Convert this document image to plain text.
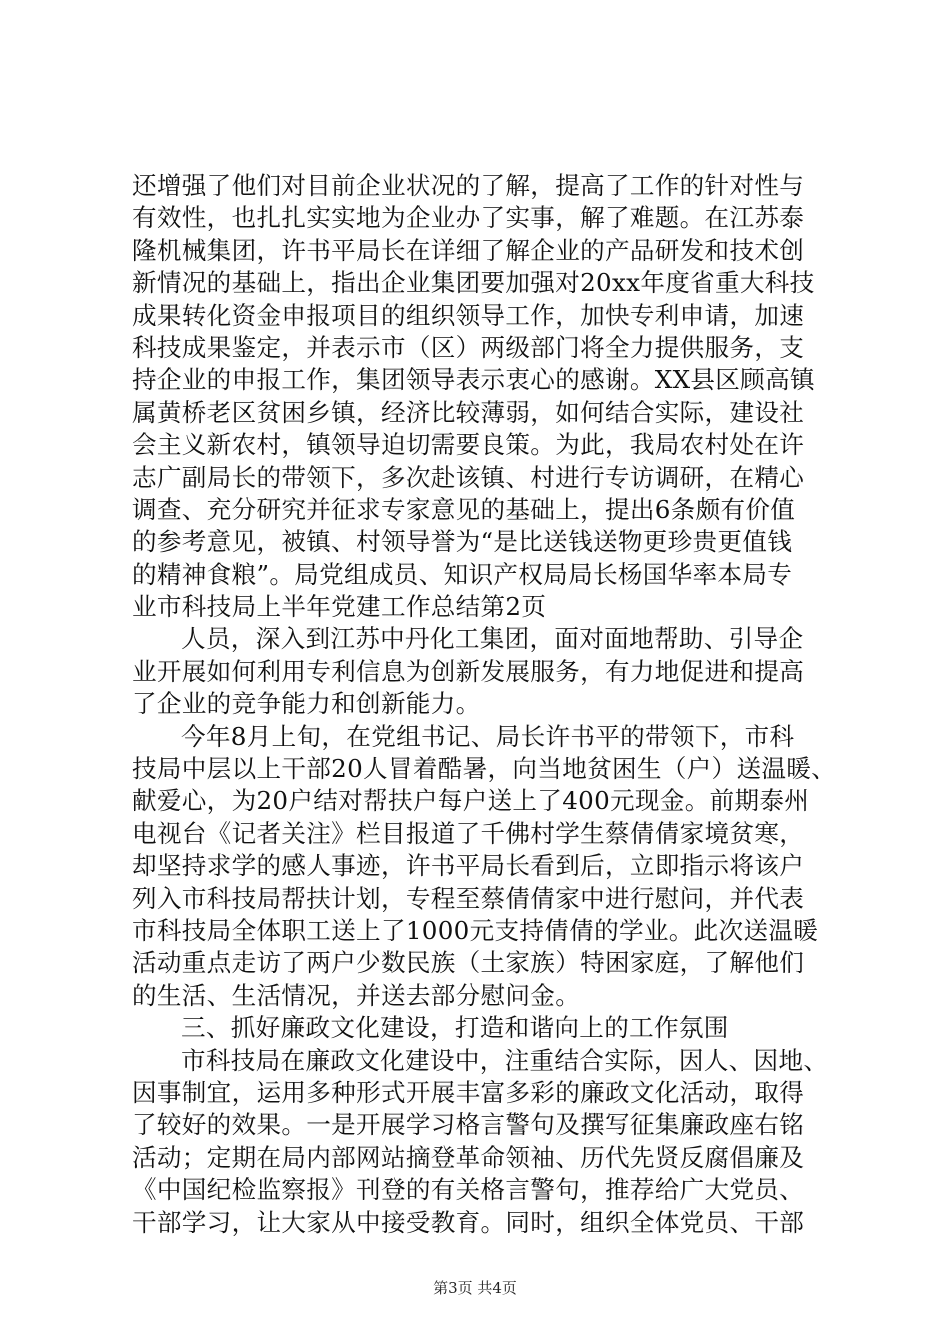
还增强了他们对目前企业状况的了解，提高了工作的针对性与
有效性，也扎扎实实地为企业办了实事，解了难题。在江苏泰
隆机械集团，许书平局长在详细了解企业的产品研发和技术创
新情况的基础上，指出企业集团要加强对20xx年度省重大科技
成果转化资金申报项目的组织领导工作，加快专利申请，加速
科技成果鉴定，并表示市（区）两级部门将全力提供服务，支
持企业的申报工作，集团领导表示衷心的感谢。XX县区顾高镇
属黄桥老区贫困乡镇，经济比较薄弱，如何结合实际，建设社
会主义新农村，镇领导迫切需要良策。为此，我局农村处在许
志广副局长的带领下，多次赴该镇、村进行专访调研，在精心
调查、充分研究并征求专家意见的基础上，提出6条颇有价值
的参考意见，被镇、村领导誉为“是比送钱送物更珍贵更值钱
的精神食粮”。局党组成员、知识产权局局长杨国华率本局专
业市科技局上半年党建工作总结第2页
人员，深入到江苏中丹化工集团，面对面地帮助、引导企
业开展如何利用专利信息为创新发展服务，有力地促进和提高
了企业的竞争能力和创新能力。
今年8月上旬，在党组书记、局长许书平的带领下，市科
技局中层以上干部20人冒着酷暑，向当地贫困生（户）送温暖、
献爱心，为20户结对帮扶户每户送上了400元现金。前期泰州
电视台《记者关注》栏目报道了千佛村学生蔡倩倩家境贫寒，
却坚持求学的感人事迹，许书平局长看到后，立即指示将该户
列入市科技局帮扶计划，专程至蔡倩倩家中进行慰问，并代表
市科技局全体职工送上了1000元支持倩倩的学业。此次送温暖
活动重点走访了两户少数民族（土家族）特困家庭，了解他们
的生活、生活情况，并送去部分慰问金。
三、抓好廉政文化建设，打造和谐向上的工作氛围
市科技局在廉政文化建设中，注重结合实际，因人、因地、
因事制宜，运用多种形式开展丰富多彩的廉政文化活动，取得
了较好的效果。一是开展学习格言警句及撰写征集廉政座右铭
活动；定期在局内部网站摘登革命领袖、历代先贤反腐倡廉及
《中国纪检监察报》刊登的有关格言警句，推荐给广大党员、
干部学习，让大家从中接受教育。同时，组织全体党员、干部
第3页 共4页
